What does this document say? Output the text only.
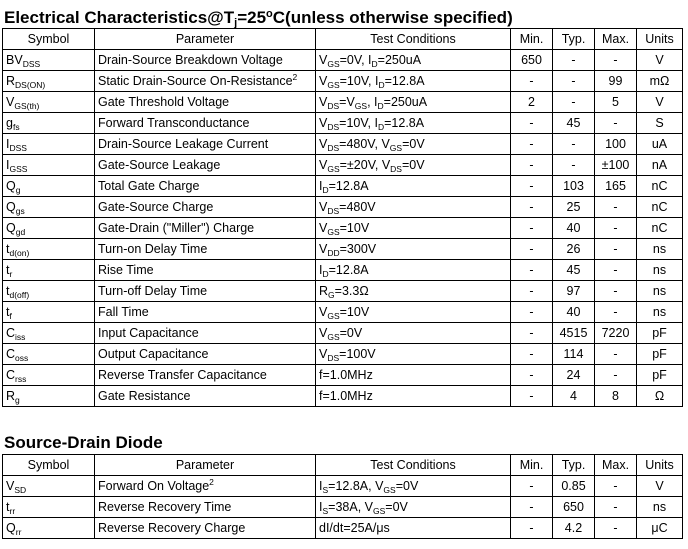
Electrical $Characteristics@T_j=25^oC(unless$ otherwise specified)
Symbol	Parameter	Test Conditions	Min.	Typ.	Max.	Units
$BV_{DSS}$	Drain-Source Breakdown Voltage	$V_{GS}=0V$, $I_D=250uA$	650	-	-	V
$R_{DS(ON)}$	Static Drain-Source On-Resistance$^2$	$V_{GS}=10V$, $I_D=12.8A$	-	-	99	mΩ
$V_{GS(th)}$	Gate Threshold Voltage	$V_{DS}=V_{GS}$, $I_D=250uA$	2	-	5	V
$g_{fs}$	Forward Transconductance	$V_{DS}=10V$, $I_D=12.8A$	-	45	-	S
$I_{DSS}$	Drain-Source Leakage Current	$V_{DS}=480V$, $V_{GS}=0V$	-	-	100	uA
$I_{GSS}$	Gate-Source Leakage	$V_{GS}=\pm 20V$, $V_{DS}=0V$	-	-	±100	nA
$Q_g$	Total Gate Charge	$I_D=12.8A$	-	103	165	nC
$Q_{gs}$	Gate-Source Charge	$V_{DS}=480V$	-	25	-	nC
$Q_{gd}$	Gate-Drain ("Miller") Charge	$V_{GS}=10V$	-	40	-	nC
$t_{d(on)}$	Turn-on Delay Time	$V_{DD}=300V$	-	26	-	ns
$t_r$	Rise Time	$I_D=12.8A$	-	45	-	ns
$t_{d(off)}$	Turn-off Delay Time	$R_G=3.3\Omega$	-	97	-	ns
$t_f$	Fall Time	$V_{GS}=10V$	-	40	-	ns
$C_{iss}$	Input Capacitance	$V_{GS}=0V$	-	4515	7220	pF
$C_{oss}$	Output Capacitance	$V_{DS}=100V$	-	114	-	pF
$C_{rss}$	Reverse Transfer Capacitance	f=1.0MHz	-	24	-	pF
$R_g$	Gate Resistance	f=1.0MHz	-	4	8	Ω
Source-Drain Diode
Symbol	Parameter	Test Conditions	Min.	Typ.	Max.	Units
$V_{SD}$	Forward On Voltage$^2$	$I_S=12.8A$, $V_{GS}=0V$	-	0.85	-	V
$t_{rr}$	Reverse Recovery Time	$I_S=38A$, $V_{GS}=0V$	-	650	-	ns
$Q_{rr}$	Reverse Recovery Charge	dI/dt=25A/μs	-	4.2	-	μC
